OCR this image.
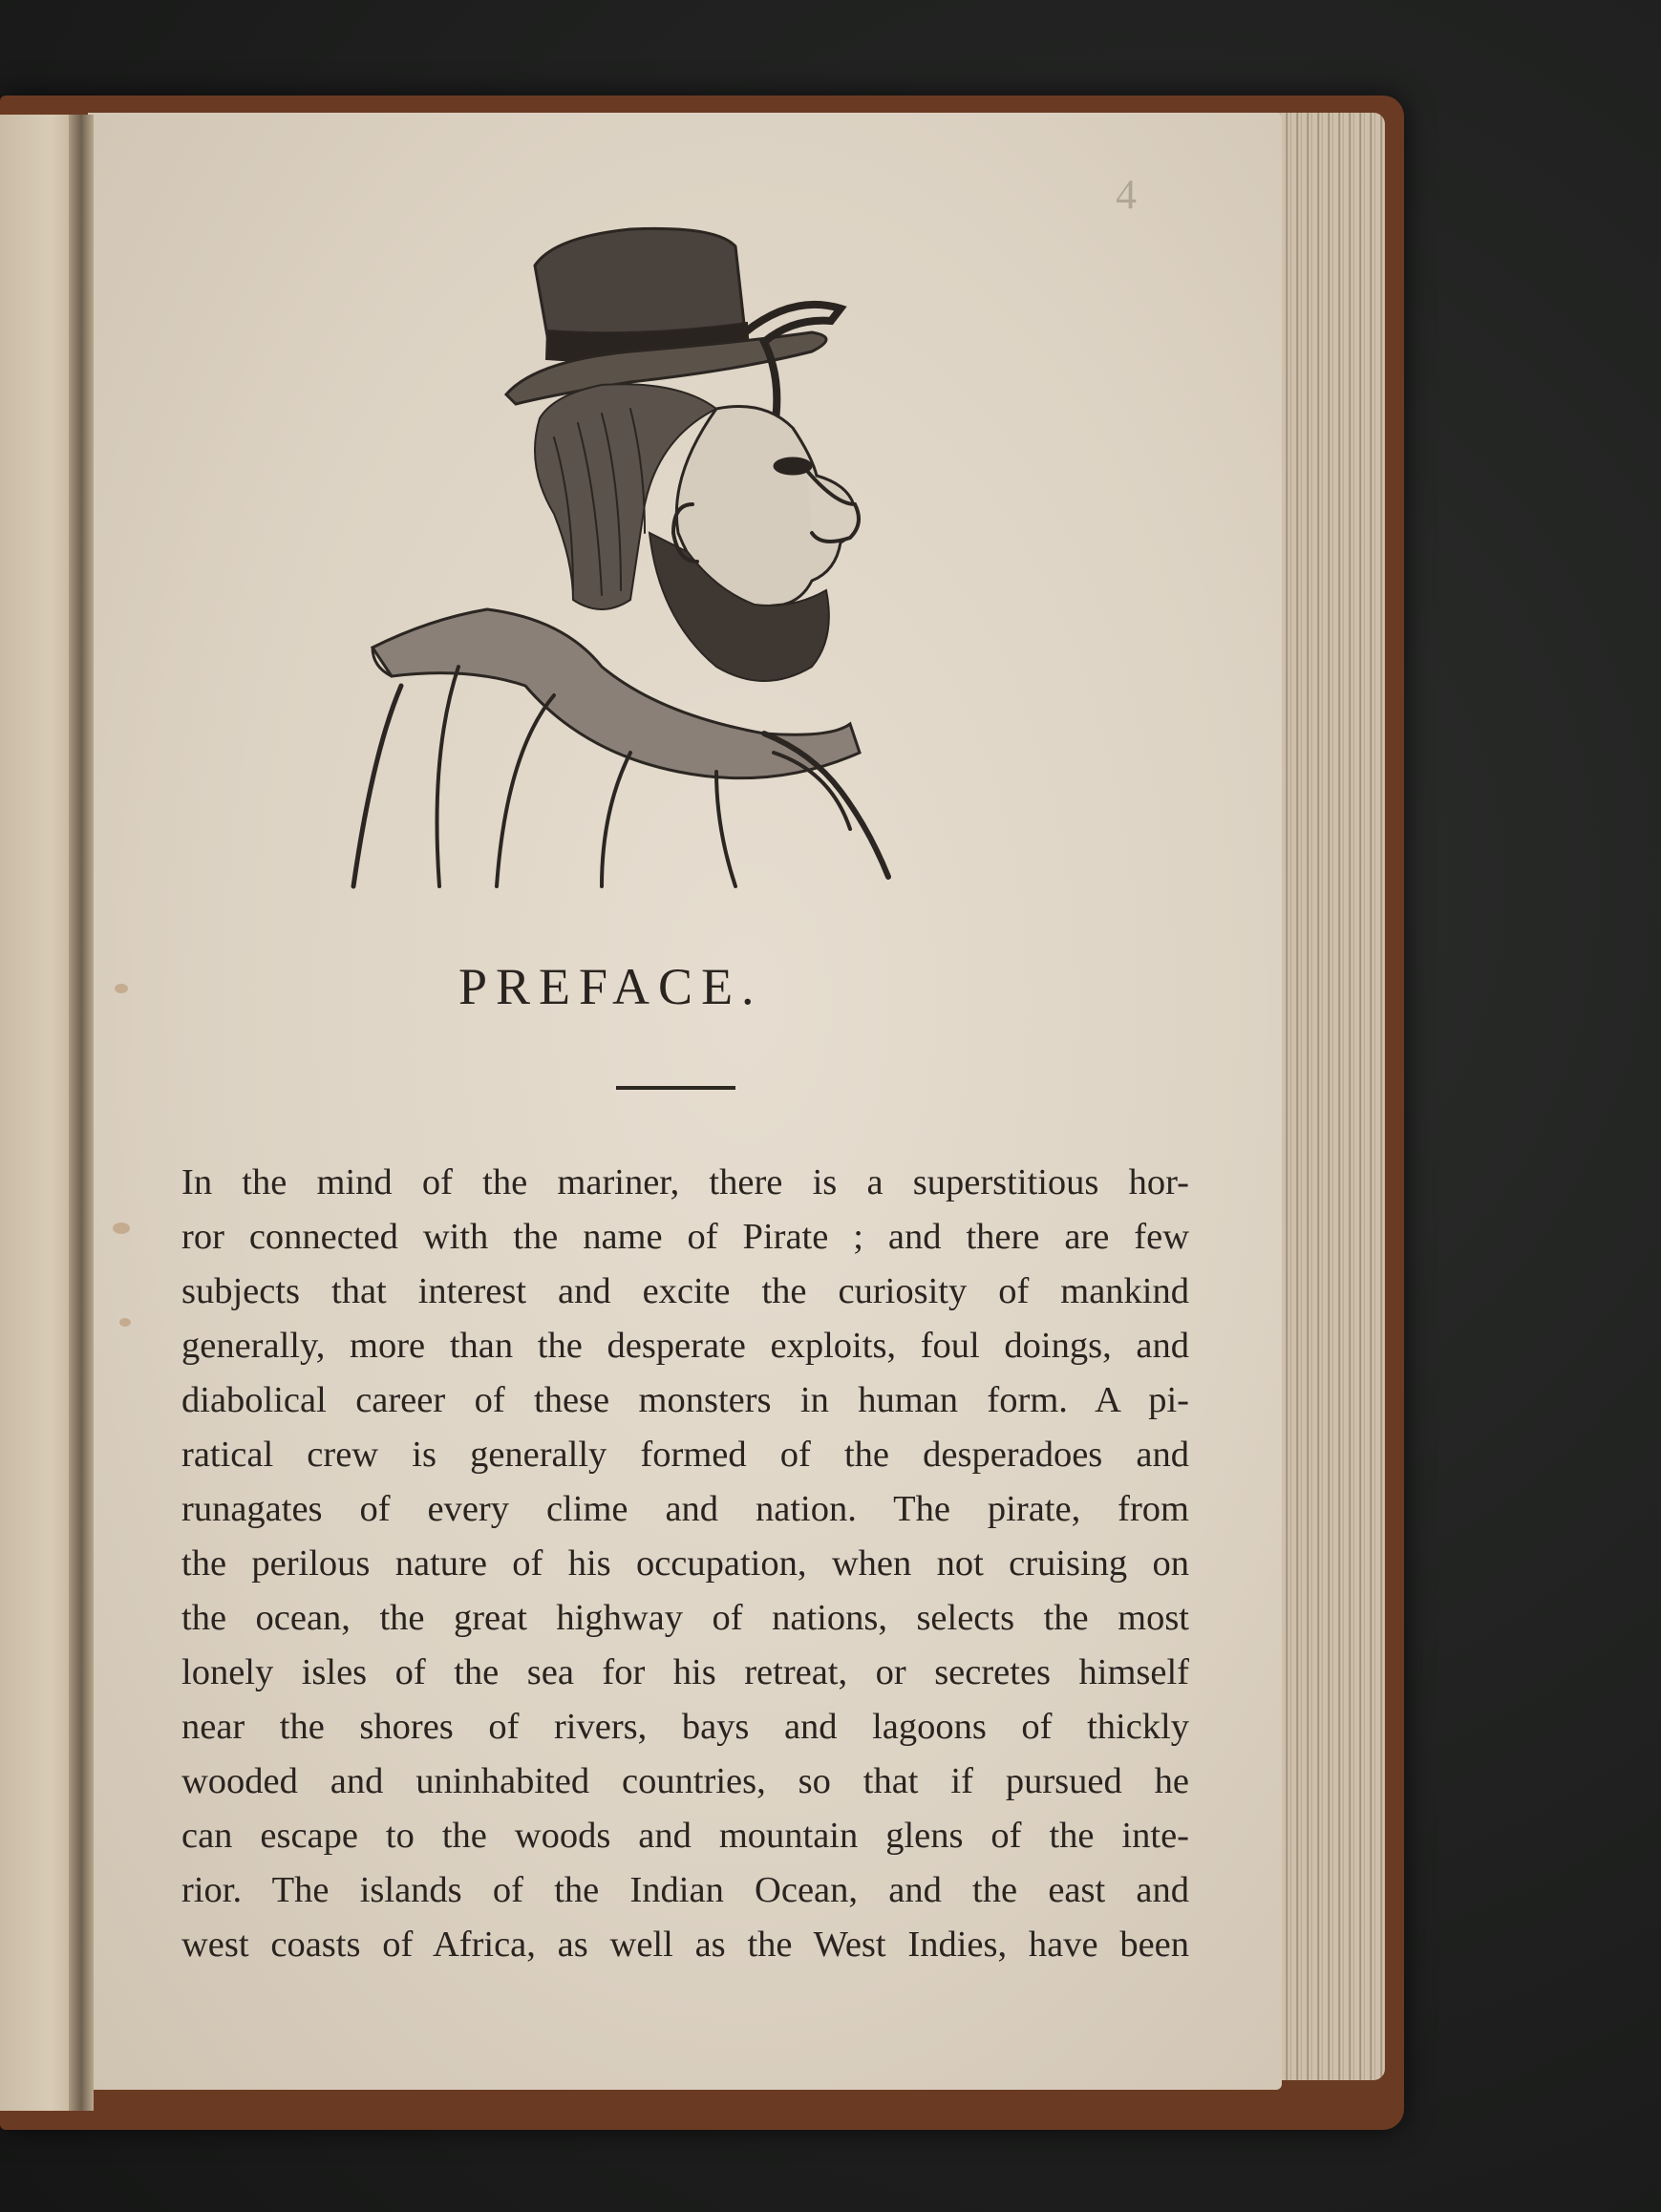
4
PREFACE.
In the mind of the mariner, there is a superstitious hor-
ror connected with the name of Pirate ; and there are few
subjects that interest and excite the curiosity of mankind
generally, more than the desperate exploits, foul doings, and
diabolical career of these monsters in human form. A pi-
ratical crew is generally formed of the desperadoes and
runagates of every clime and nation. The pirate, from
the perilous nature of his occupation, when not cruising on
the ocean, the great highway of nations, selects the most
lonely isles of the sea for his retreat, or secretes himself
near the shores of rivers, bays and lagoons of thickly
wooded and uninhabited countries, so that if pursued he
can escape to the woods and mountain glens of the inte-
rior. The islands of the Indian Ocean, and the east and
west coasts of Africa, as well as the West Indies, have been
